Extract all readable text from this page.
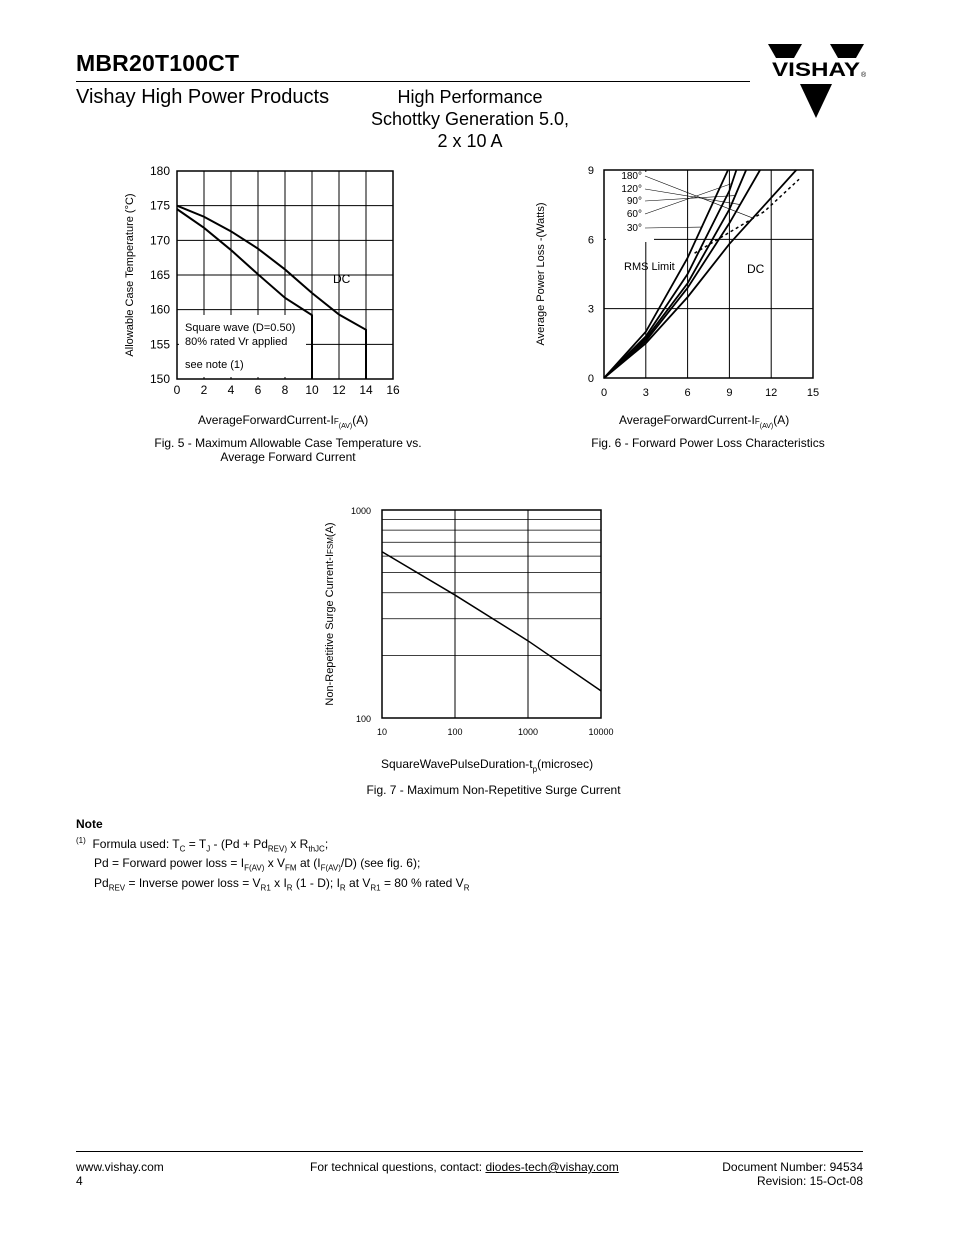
MBR20T100CT
Vishay High Power Products	High Performance
Schottky Generation 5.0,
2 x 10 A
VISHAY ®
0 2 4 6 8 10 12 14 16
150
155
160
165
170
175
180
Square wave (D=0.50)
80% rated Vr applied
see note (1)
DC
Allowable Case Temperature (°C)
AverageForwardCurrent-$IF_{(AV)}(A)$
Fig. 5 - Maximum Allowable Case Temperature vs.
Average Forward Current
0	3	6	9	12	15
0
3
6
9	180°
120°
90°
60°
30°
RMS Limit	DC
Average Power Loss -(Watts)
AverageForwardCurrent-$IF_{(AV)}(A)$
Fig. 6 - Forward Power Loss Characteristics
10	100	1000	10000
100
1000
Non-Repetitive Surge Current-IFSM(A)
SquareWavePulseDuration-$t_p(microsec)$
Fig. 7 - Maximum Non-Repetitive Surge Current
Note
$^{(1)}$ Formula used: $T_C = T_J - (Pd + Pd_{REV)}$ x $R_{thJC}$;
Pd = Forward power loss = $I_{F(AV)}$ x $V_{FM}$ at $(I_{F(AV)}/D)$ (see fig. 6);
$Pd_{REV}$ = Inverse power loss = $V_{R1}$ x $I_R$ (1 - D); $I_R$ at $V_{R1} = 80$ % rated $V_R$
www.vishay.com
4
For technical questions, contact: diodes-tech@vishay.com	Document Number: 94534
Revision: 15-Oct-08
